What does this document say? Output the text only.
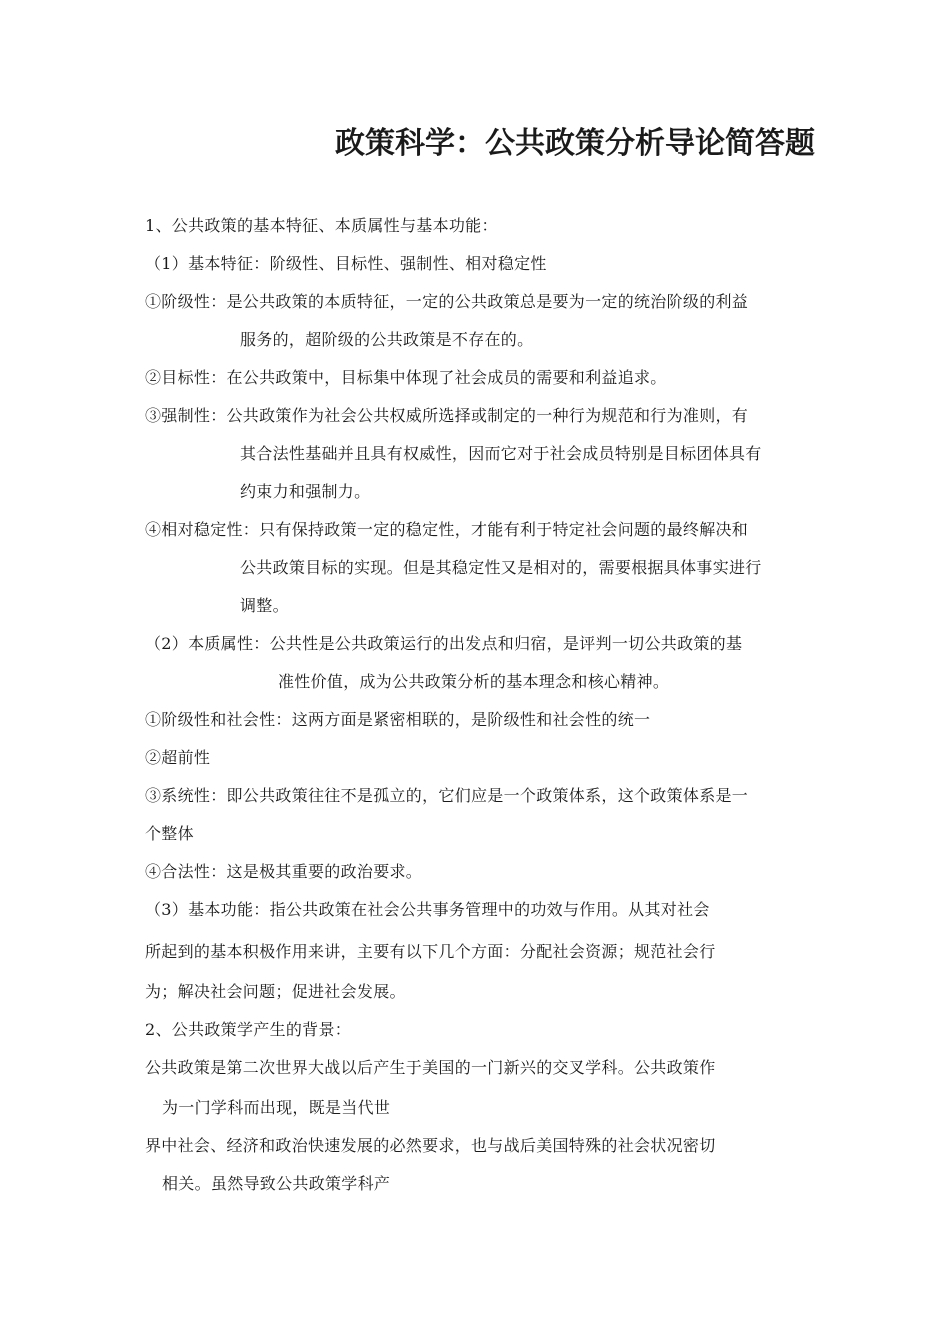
政策科学：公共政策分析导论简答题
1、公共政策的基本特征、本质属性与基本功能：
（1）基本特征：阶级性、目标性、强制性、相对稳定性
①阶级性：是公共政策的本质特征，一定的公共政策总是要为一定的统治阶级的利益
服务的，超阶级的公共政策是不存在的。
②目标性：在公共政策中，目标集中体现了社会成员的需要和利益追求。
③强制性：公共政策作为社会公共权威所选择或制定的一种行为规范和行为准则，有
其合法性基础并且具有权威性，因而它对于社会成员特别是目标团体具有
约束力和强制力。
④相对稳定性：只有保持政策一定的稳定性，才能有利于特定社会问题的最终解决和
公共政策目标的实现。但是其稳定性又是相对的，需要根据具体事实进行
调整。
（2）本质属性：公共性是公共政策运行的出发点和归宿，是评判一切公共政策的基
准性价值，成为公共政策分析的基本理念和核心精神。
①阶级性和社会性：这两方面是紧密相联的，是阶级性和社会性的统一
②超前性
③系统性：即公共政策往往不是孤立的，它们应是一个政策体系，这个政策体系是一
个整体
④合法性：这是极其重要的政治要求。
（3）基本功能：指公共政策在社会公共事务管理中的功效与作用。从其对社会
所起到的基本积极作用来讲，主要有以下几个方面：分配社会资源；规范社会行
为；解决社会问题；促进社会发展。
2、公共政策学产生的背景：
公共政策是第二次世界大战以后产生于美国的一门新兴的交叉学科。公共政策作
为一门学科而出现，既是当代世
界中社会、经济和政治快速发展的必然要求，也与战后美国特殊的社会状况密切
相关。虽然导致公共政策学科产
